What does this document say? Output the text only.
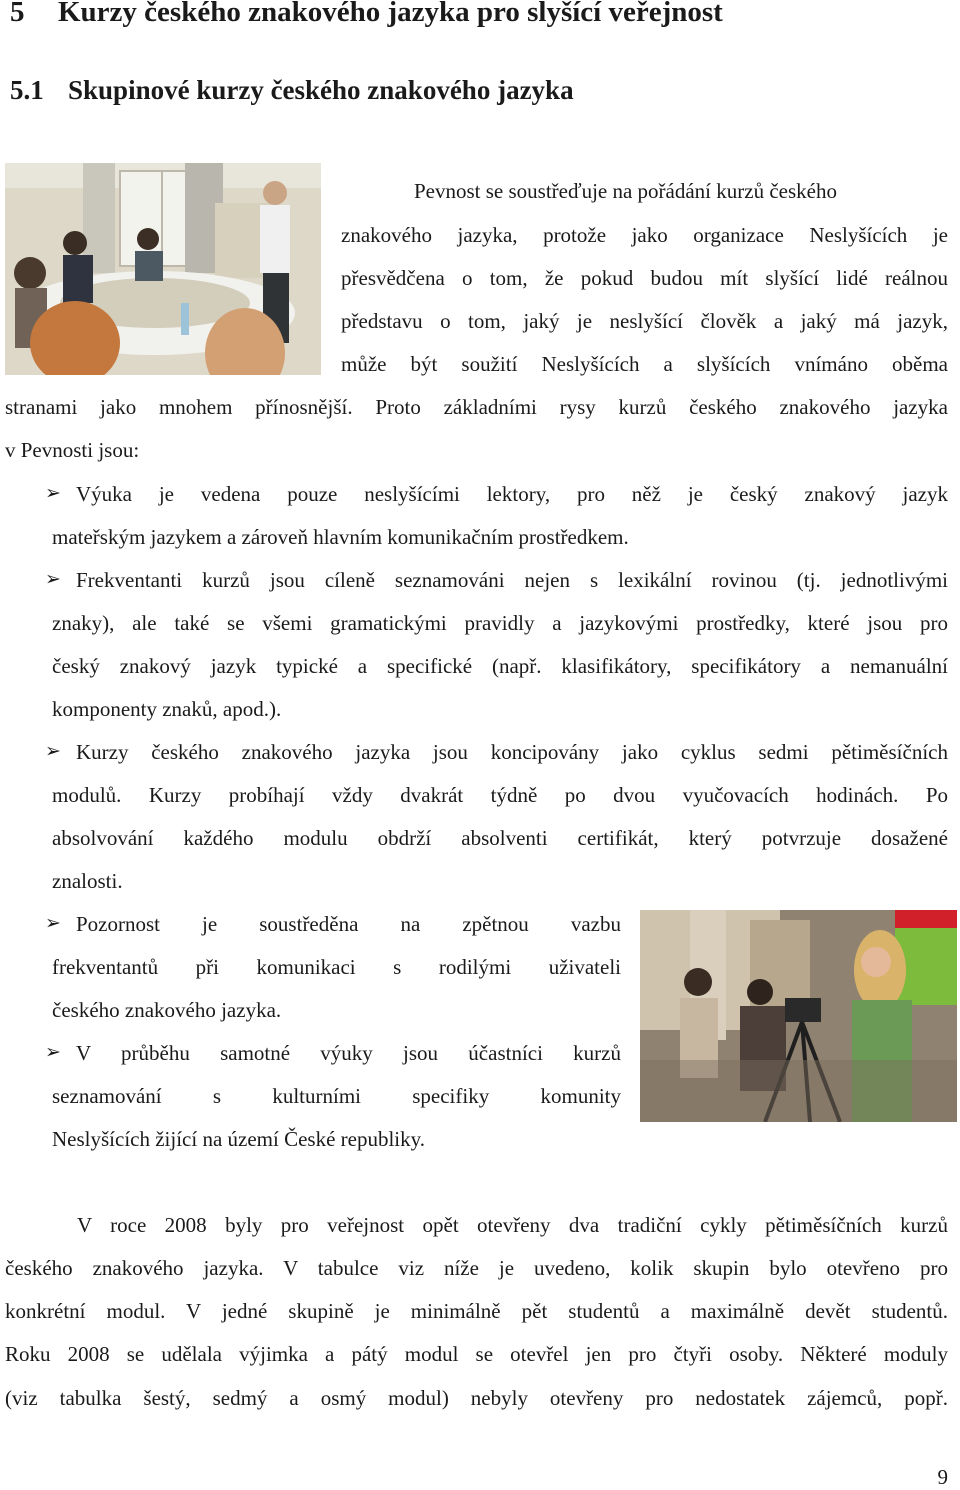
5 Kurzy českého znakového jazyka pro slyšící veřejnost
5.1 Skupinové kurzy českého znakového jazyka
Pevnost se soustřeďuje na pořádání kurzů českého
znakového jazyka, protože jako organizace Neslyšících je
přesvědčena o tom, že pokud budou mít slyšící lidé reálnou
představu o tom, jaký je neslyšící člověk a jaký má jazyk,
může být soužití Neslyšících a slyšících vnímáno oběma
stranami jako mnohem přínosnější. Proto základními rysy kurzů českého znakového jazyka
v Pevnosti jsou:
➢ Výuka je vedena pouze neslyšícími lektory, pro něž je český znakový jazyk
mateřským jazykem a zároveň hlavním komunikačním prostředkem.
➢ Frekventanti kurzů jsou cíleně seznamováni nejen s lexikální rovinou (tj. jednotlivými
znaky), ale také se všemi gramatickými pravidly a jazykovými prostředky, které jsou pro
český znakový jazyk typické a specifické (např. klasifikátory, specifikátory a nemanuální
komponenty znaků, apod.).
➢ Kurzy českého znakového jazyka jsou koncipovány jako cyklus sedmi pětiměsíčních
modulů. Kurzy probíhají vždy dvakrát týdně po dvou vyučovacích hodinách. Po
absolvování každého modulu obdrží absolventi certifikát, který potvrzuje dosažené
znalosti.
➢ Pozornost je soustředěna na zpětnou vazbu
frekventantů při komunikaci s rodilými uživateli
českého znakového jazyka.
➢ V průběhu samotné výuky jsou účastníci kurzů
seznamování s kulturními specifiky komunity
Neslyšících žijící na území České republiky.
V roce 2008 byly pro veřejnost opět otevřeny dva tradiční cykly pětiměsíčních kurzů
českého znakového jazyka. V tabulce viz níže je uvedeno, kolik skupin bylo otevřeno pro
konkrétní modul. V jedné skupině je minimálně pět studentů a maximálně devět studentů.
Roku 2008 se udělala výjimka a pátý modul se otevřel jen pro čtyři osoby. Některé moduly
(viz tabulka šestý, sedmý a osmý modul) nebyly otevřeny pro nedostatek zájemců, popř.
9
